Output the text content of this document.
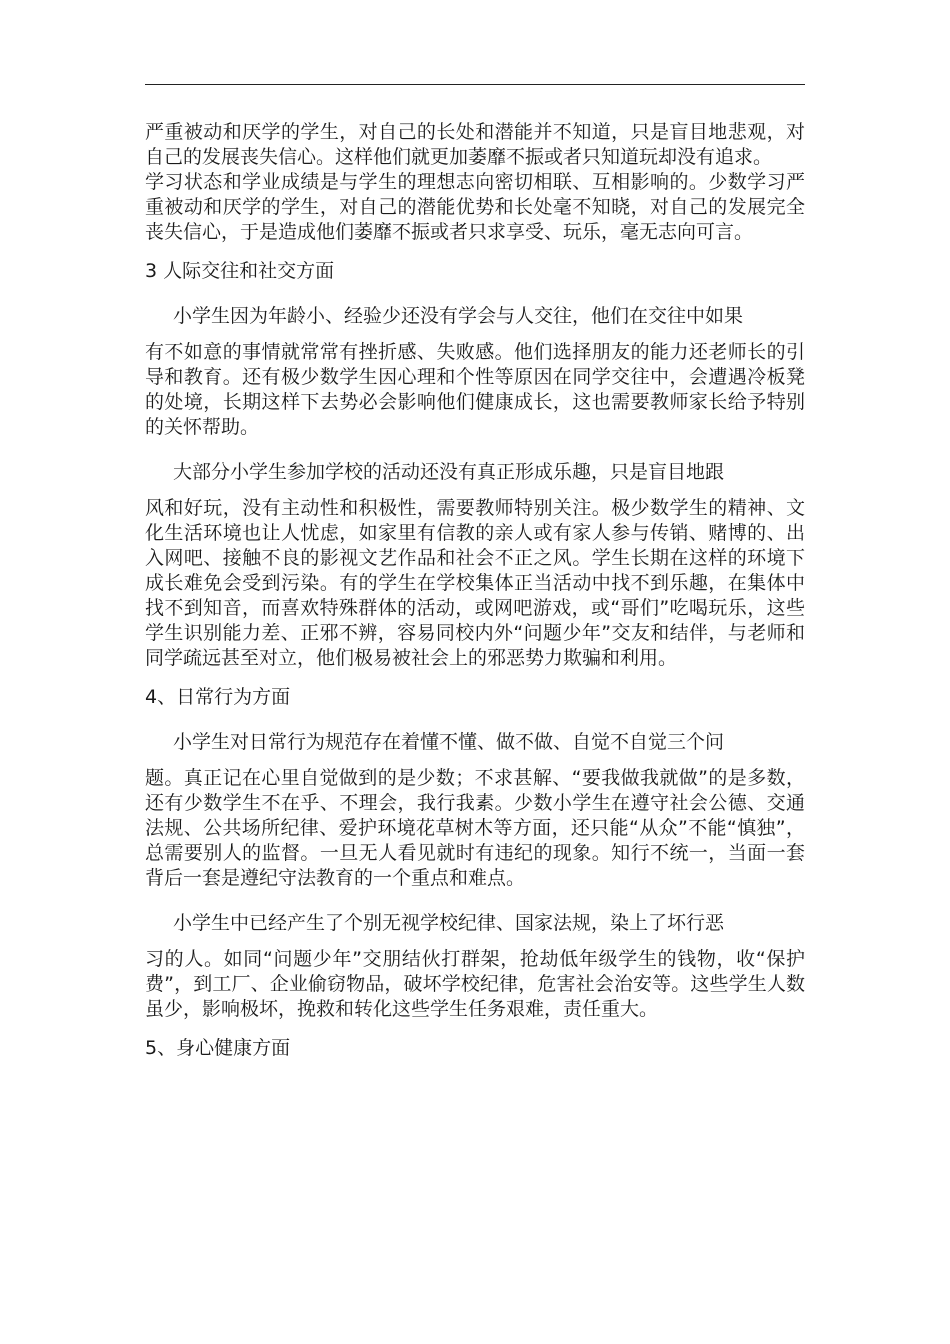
严重被动和厌学的学生，对自己的长处和潜能并不知道，只是盲目地悲观，对自己的发展丧失信心。这样他们就更加萎靡不振或者只知道玩却没有追求。

学习状态和学业成绩是与学生的理想志向密切相联、互相影响的。少数学习严重被动和厌学的学生，对自己的潜能优势和长处毫不知晓，对自己的发展完全丧失信心，于是造成他们萎靡不振或者只求享受、玩乐，毫无志向可言。

3 人际交往和社交方面

小学生因为年龄小、经验少还没有学会与人交往，他们在交往中如果

有不如意的事情就常常有挫折感、失败感。他们选择朋友的能力还老师长的引导和教育。还有极少数学生因心理和个性等原因在同学交往中，会遭遇冷板凳的处境，长期这样下去势必会影响他们健康成长，这也需要教师家长给予特别的关怀帮助。

大部分小学生参加学校的活动还没有真正形成乐趣，只是盲目地跟

风和好玩，没有主动性和积极性，需要教师特别关注。极少数学生的精神、文化生活环境也让人忧虑，如家里有信教的亲人或有家人参与传销、赌博的、出入网吧、接触不良的影视文艺作品和社会不正之风。学生长期在这样的环境下成长难免会受到污染。有的学生在学校集体正当活动中找不到乐趣，在集体中找不到知音，而喜欢特殊群体的活动，或网吧游戏，或“哥们”吃喝玩乐，这些学生识别能力差、正邪不辨，容易同校内外“问题少年”交友和结伴，与老师和同学疏远甚至对立，他们极易被社会上的邪恶势力欺骗和利用。

4、日常行为方面

小学生对日常行为规范存在着懂不懂、做不做、自觉不自觉三个问

题。真正记在心里自觉做到的是少数；不求甚解、“要我做我就做”的是多数，还有少数学生不在乎、不理会，我行我素。少数小学生在遵守社会公德、交通法规、公共场所纪律、爱护环境花草树木等方面，还只能“从众”不能“慎独”，总需要别人的监督。一旦无人看见就时有违纪的现象。知行不统一，当面一套背后一套是遵纪守法教育的一个重点和难点。

小学生中已经产生了个别无视学校纪律、国家法规，染上了坏行恶

习的人。如同“问题少年”交朋结伙打群架，抢劫低年级学生的钱物，收“保护费”，到工厂、企业偷窃物品，破坏学校纪律，危害社会治安等。这些学生人数虽少，影响极坏，挽救和转化这些学生任务艰难，责任重大。

5、身心健康方面
